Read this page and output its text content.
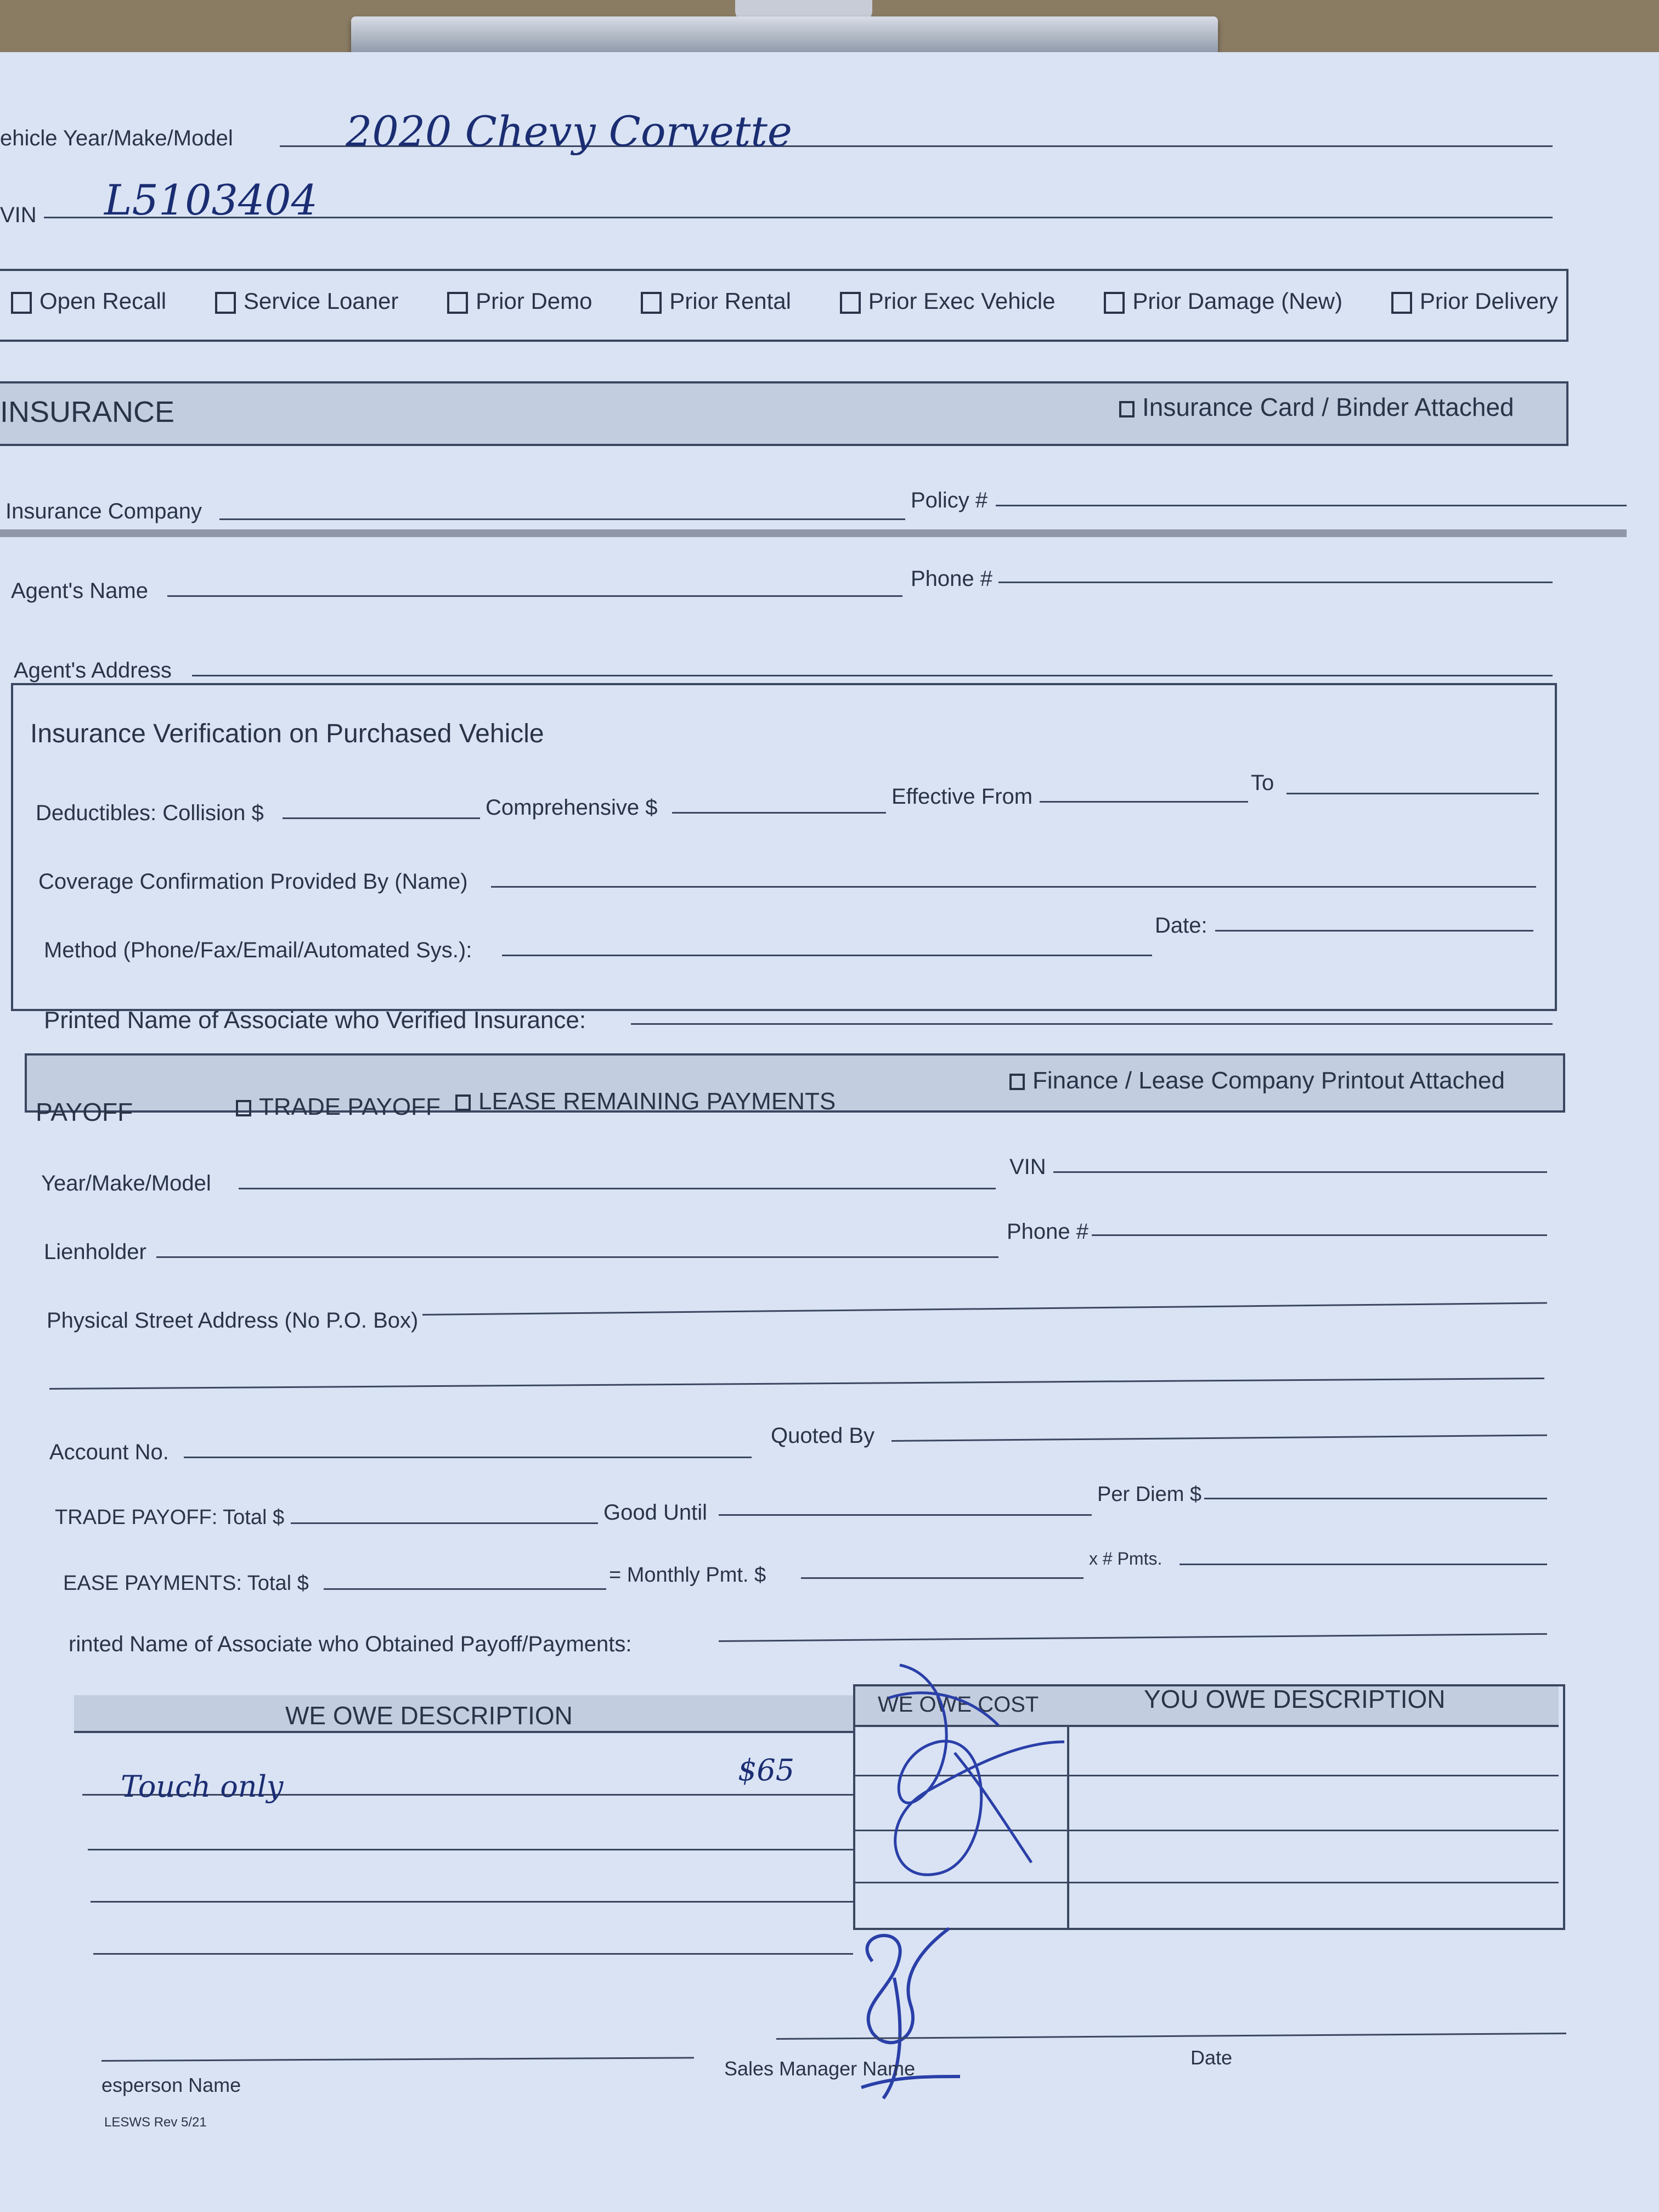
ehicle Year/Make/Model	2020 Chevy Corvette
VIN L5103404
Open Recall	Service Loaner	Prior Demo	Prior Rental	Prior Exec Vehicle	Prior Damage (New)	Prior Delivery
INSURANCE	Insurance Card / Binder Attached
Insurance Company	Policy #
Agent's Name	Phone #
Agent's Address
Insurance Verification on Purchased Vehicle
Deductibles: Collision $	Comprehensive $	Effective From
To
Coverage Confirmation Provided By (Name)
Method (Phone/Fax/Email/Automated Sys.):
Date:
Printed Name of Associate who Verified Insurance:
PAYOFF	TRADE PAYOFF	LEASE REMAINING PAYMENTS
Finance / Lease Company Printout Attached
Year/Make/Model
VIN
Lienholder
Phone #
Physical Street Address (No P.O. Box)
Account No.
Quoted By
TRADE PAYOFF: Total $	Good Until
Per Diem $
EASE PAYMENTS: Total $	= Monthly Pmt. $
x # Pmts.
rinted Name of Associate who Obtained Payoff/Payments:
WE OWE DESCRIPTION	WE OWE COST	YOU OWE DESCRIPTION
Touch only	$65
esperson Name
Sales Manager Name	Date
LESWS Rev 5/21
